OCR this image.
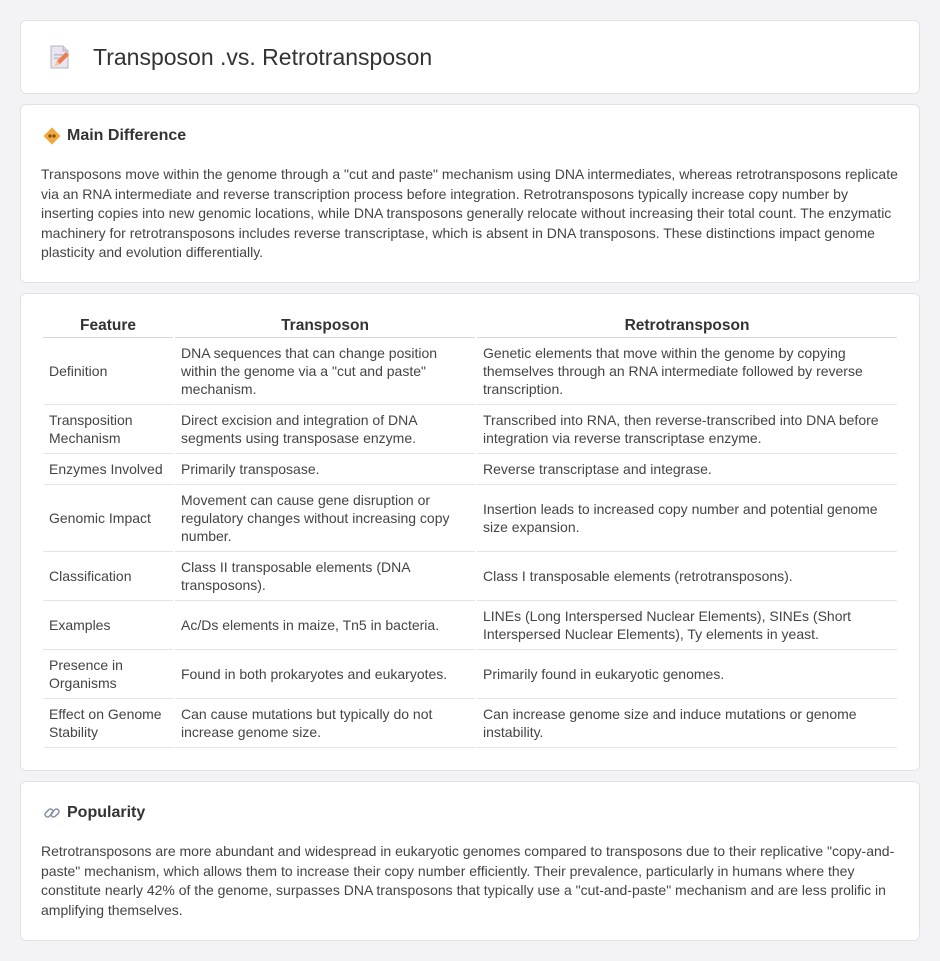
Transposon .vs. Retrotransposon
Main Difference

Transposons move within the genome through a "cut and paste" mechanism using DNA intermediates, whereas retrotransposons replicate via an RNA intermediate and reverse transcription process before integration. Retrotransposons typically increase copy number by inserting copies into new genomic locations, while DNA transposons generally relocate without increasing their total count. The enzymatic machinery for retrotransposons includes reverse transcriptase, which is absent in DNA transposons. These distinctions impact genome plasticity and evolution differentially.

Feature	Transposon	Retrotransposon
Definition	DNA sequences that can change position within the genome via a "cut and paste" mechanism.	Genetic elements that move within the genome by copying themselves through an RNA intermediate followed by reverse transcription.
Transposition Mechanism	Direct excision and integration of DNA segments using transposase enzyme.	Transcribed into RNA, then reverse-transcribed into DNA before integration via reverse transcriptase enzyme.
Enzymes Involved	Primarily transposase.	Reverse transcriptase and integrase.
Genomic Impact	Movement can cause gene disruption or regulatory changes without increasing copy number.	Insertion leads to increased copy number and potential genome size expansion.
Classification	Class II transposable elements (DNA transposons).	Class I transposable elements (retrotransposons).
Examples	Ac/Ds elements in maize, Tn5 in bacteria.	LINEs (Long Interspersed Nuclear Elements), SINEs (Short Interspersed Nuclear Elements), Ty elements in yeast.
Presence in Organisms	Found in both prokaryotes and eukaryotes.	Primarily found in eukaryotic genomes.
Effect on Genome Stability	Can cause mutations but typically do not increase genome size.	Can increase genome size and induce mutations or genome instability.
Popularity

Retrotransposons are more abundant and widespread in eukaryotic genomes compared to transposons due to their replicative "copy-and-paste" mechanism, which allows them to increase their copy number efficiently. Their prevalence, particularly in humans where they constitute nearly 42% of the genome, surpasses DNA transposons that typically use a "cut-and-paste" mechanism and are less prolific in amplifying themselves.
